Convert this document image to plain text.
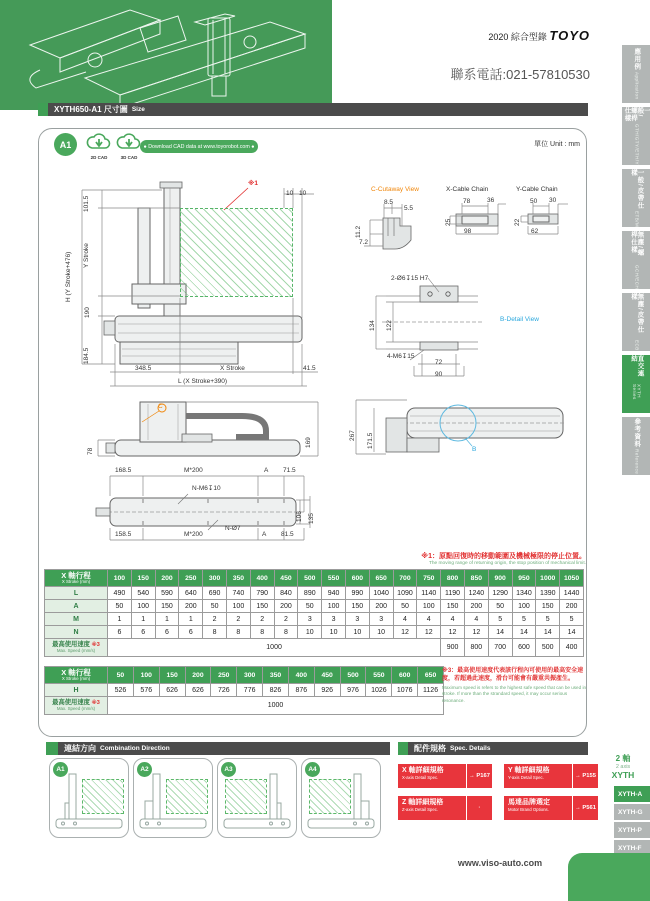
2020 綜合型錄 TOYO
聯系電話:021-57810530
應用例
Application
一般/螺桿仕樣
GTH/GTY/ETH/Y
一般/皮帶仕樣
ETB/M
無塵/螺桿仕樣
GCH/ECH
無塵/皮帶仕樣
ECB
直交連結
XYTH Series
參考資料
Reference
XYTH650-A1 尺寸圖 Size
A1
2D CAD	3D CAD
● Download CAD data at www.toyorobot.com ●	單位 Unit : mm
※1
10 10
101.5
Y Stroke
190
184.5
H (Y Stroke+476)
348.5	X Stroke	41.5
L (X Stroke+390)
C-Cutaway View
8.5
5.5
11.2
7.2
X-Cable Chain
78	36
25
98
Y-Cable Chain
50 30
22
62
2-Ø6↧15 H7
134 122
B-Detail View
4-M6↧15
72
90
C
78
169
267 171.5
B
168.5	M*200	A 71.5
N-M6↧10
106 135
158.5	M*200
N-Ø7
A 81.5
※1：原點回復時的移動範圍及機械極限的停止位置。
The moving range of returning origin, the stop position of mechanical limit.
X 軸行程
X Stroke (mm)	100	150	200	250	300	350	400	450	500	550	600	650	700	750	800	850	900	950	1000	1050
L	490	540	590	640	690	740	790	840	890	940	990	1040	1090	1140	1190	1240	1290	1340	1390	1440
A	50	100	150	200	50	100	150	200	50	100	150	200	50	100	150	200	50	100	150	200
M	1	1	1	1	2	2	2	2	3	3	3	3	4	4	4	4	5	5	5	5
N	6	6	6	6	8	8	8	8	10	10	10	10	12	12	12	12	14	14	14	14

最高使用速度 ※3
Max. Speed (mm/s)	1000														900	800	700	600	500	400
X 軸行程
X Stroke (mm)	50	100	150	200	250	300	350	400	450	500	550	600	650
H	526	576	626	626	726	776	826	876	926	976	1026	1076	1126

最高使用速度 ※3
Max. Speed (mm/s)	1000												
※3：最高使用速度代表該行程內可使用的最高安全速度，若超過此速度，滑台可能會有嚴重共振產生。
Maximum speed is refers to the highest safe speed that can be used in stroke. If more than the strandard speed, it may occur serious resonance.
連結方向 Combination Direction
A1	A2	A3	A4
配件規格 Spec. Details
X 軸詳細規格
X-axis Detail Spec.	→ P167
Y 軸詳細規格
Y-axis Detail Spec.	→ P155
Z 軸詳細規格
Z-axis Detail Spec.	·
馬達品牌選定
Motor Brand Options.	→ P561
2 軸
2 axis
XYTH
XYTH-A
XYTH-G
XYTH-P
XYTH-F
www.viso-auto.com
